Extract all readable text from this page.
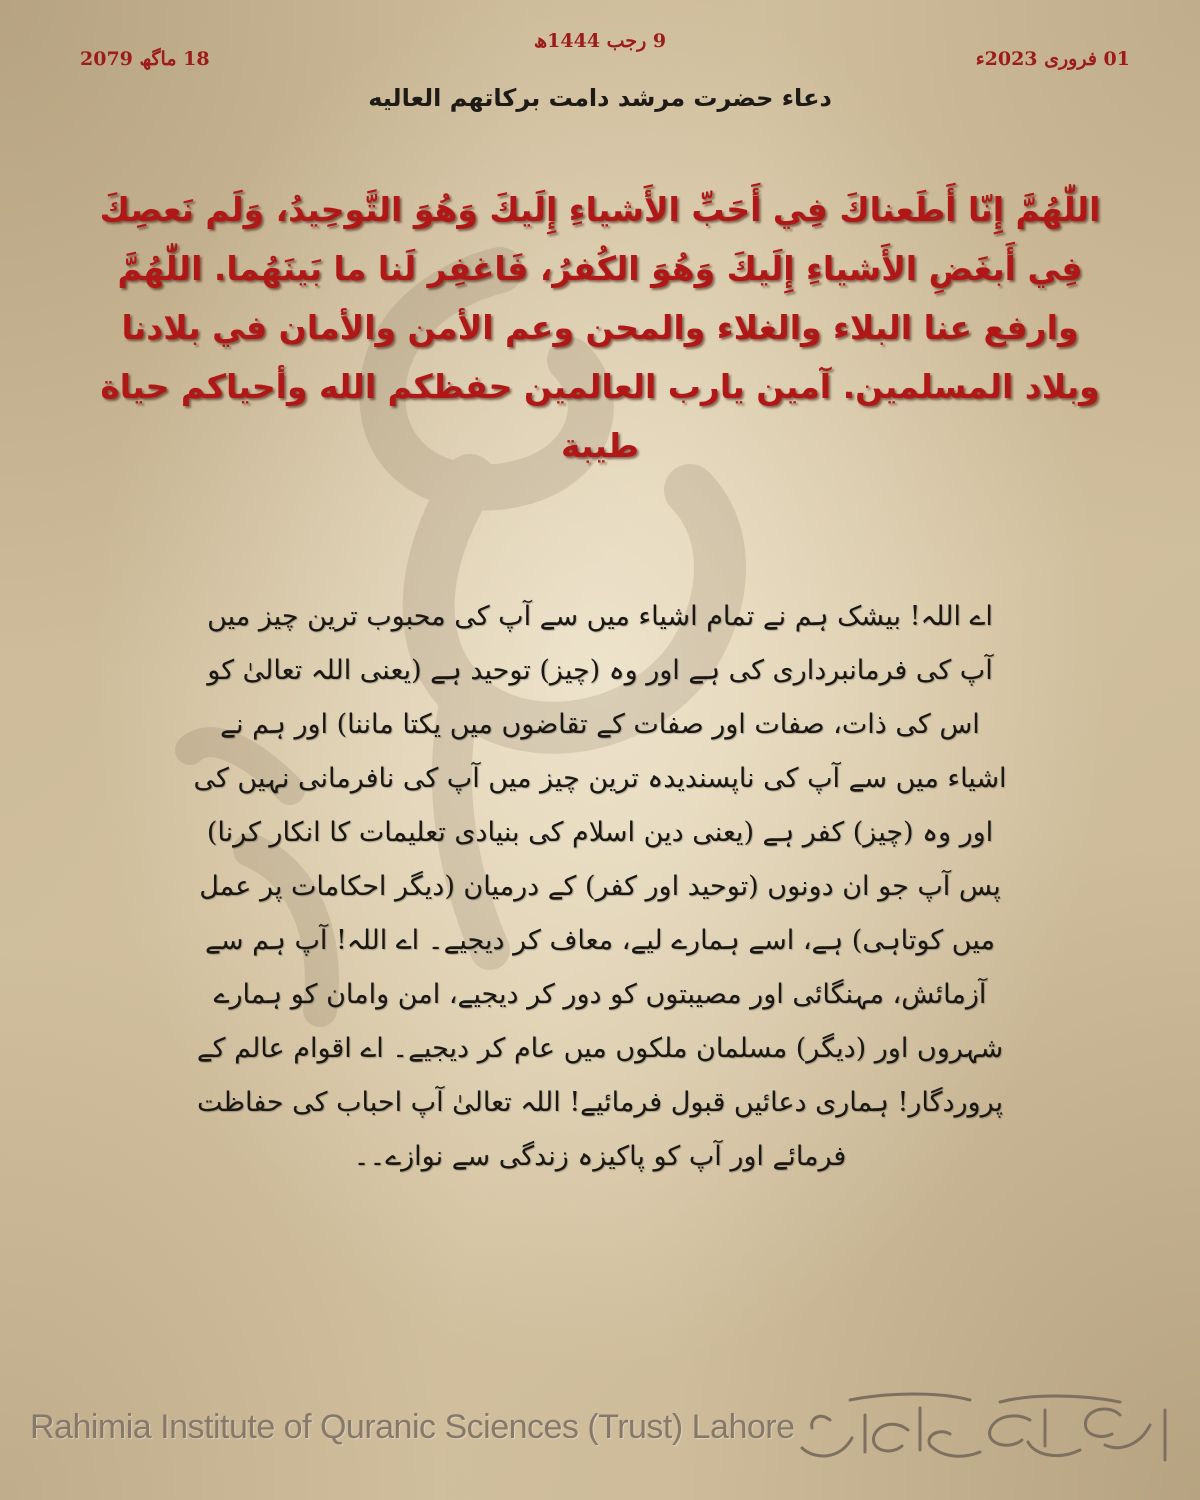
9 رجب 1444ھ
01 فروری 2023ء
18 ماگھ 2079
دعاء حضرت مرشد دامت برکاتهم العالیه

اللّٰهُمَّ إِنّا أَطَعناكَ فِي أَحَبِّ الأَشياءِ إِلَيكَ وَهُوَ التَّوحِيدُ، وَلَم نَعصِكَ فِي أَبغَضِ الأَشياءِ إِلَيكَ وَهُوَ الكُفرُ، فَاغفِر لَنا ما بَينَهُما. اللّٰهُمَّ وارفع عنا البلاء والغلاء والمحن وعم الأمن والأمان في بلادنا وبلاد المسلمين. آمين يارب العالمين حفظكم الله وأحياكم حياة طيبة

اے اللہ! بیشک ہم نے تمام اشیاء میں سے آپ کی محبوب ترین چیز میں آپ کی فرمانبرداری کی ہے اور وہ (چیز) توحید ہے (یعنی اللہ تعالیٰ کو اس کی ذات، صفات اور صفات کے تقاضوں میں یکتا ماننا) اور ہم نے اشیاء میں سے آپ کی ناپسندیدہ ترین چیز میں آپ کی نافرمانی نہیں کی اور وہ (چیز) کفر ہے (یعنی دین اسلام کی بنیادی تعلیمات کا انکار کرنا) پس آپ جو ان دونوں (توحید اور کفر) کے درمیان (دیگر احکامات پر عمل میں کوتاہی) ہے، اسے ہمارے لیے، معاف کر دیجیے۔ اے اللہ! آپ ہم سے آزمائش، مہنگائی اور مصیبتوں کو دور کر دیجیے، امن وامان کو ہمارے شہروں اور (دیگر) مسلمان ملکوں میں عام کر دیجیے۔ اے اقوام عالم کے پروردگار! ہماری دعائیں قبول فرمائیے! اللہ تعالیٰ آپ احباب کی حفاظت فرمائے اور آپ کو پاکیزہ زندگی سے نوازے۔۔

Rahimia Institute of Quranic Sciences (Trust) Lahore
